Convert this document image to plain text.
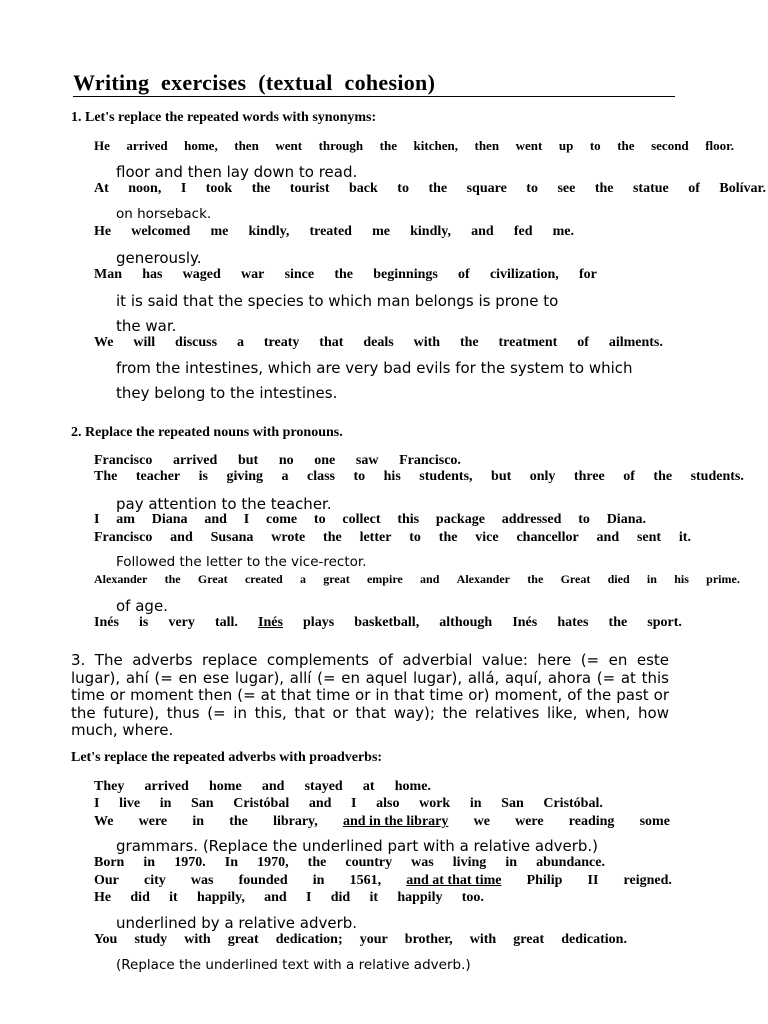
Writing exercises (textual cohesion)
1. Let's replace the repeated words with synonyms:
He arrived home, then went through the kitchen, then went up to the second floor.
floor and then lay down to read.
At noon, I took the tourist back to the square to see the statue of Bolívar.
on horseback.
He welcomed me kindly, treated me kindly, and fed me.
generously.
Man has waged war since the beginnings of civilization, for
it is said that the species to which man belongs is prone to
the war.
We will discuss a treaty that deals with the treatment of ailments.
from the intestines, which are very bad evils for the system to which
they belong to the intestines.
2. Replace the repeated nouns with pronouns.
Francisco arrived but no one saw Francisco.
The teacher is giving a class to his students, but only three of the students.
pay attention to the teacher.
I am Diana and I come to collect this package addressed to Diana.
Francisco and Susana wrote the letter to the vice chancellor and sent it.
Followed the letter to the vice-rector.
Alexander the Great created a great empire and Alexander the Great died in his prime.
of age.
Inés is very tall. Inés plays basketball, although Inés hates the sport.
3. The adverbs replace complements of adverbial value: here (= en este lugar), ahí (= en ese lugar), allí (= en aquel lugar), allá, aquí, ahora (= at this time or moment then (= at that time or in that time or) moment, of the past or the future), thus (= in this, that or that way); the relatives like, when, how much, where.
Let's replace the repeated adverbs with proadverbs:
They arrived home and stayed at home.
I live in San Cristóbal and I also work in San Cristóbal.
We were in the library, and in the library we were reading some
grammars. (Replace the underlined part with a relative adverb.)
Born in 1970. In 1970, the country was living in abundance.
Our city was founded in 1561, and at that time Philip II reigned.
He did it happily, and I did it happily too.
underlined by a relative adverb.
You study with great dedication; your brother, with great dedication.
(Replace the underlined text with a relative adverb.)
